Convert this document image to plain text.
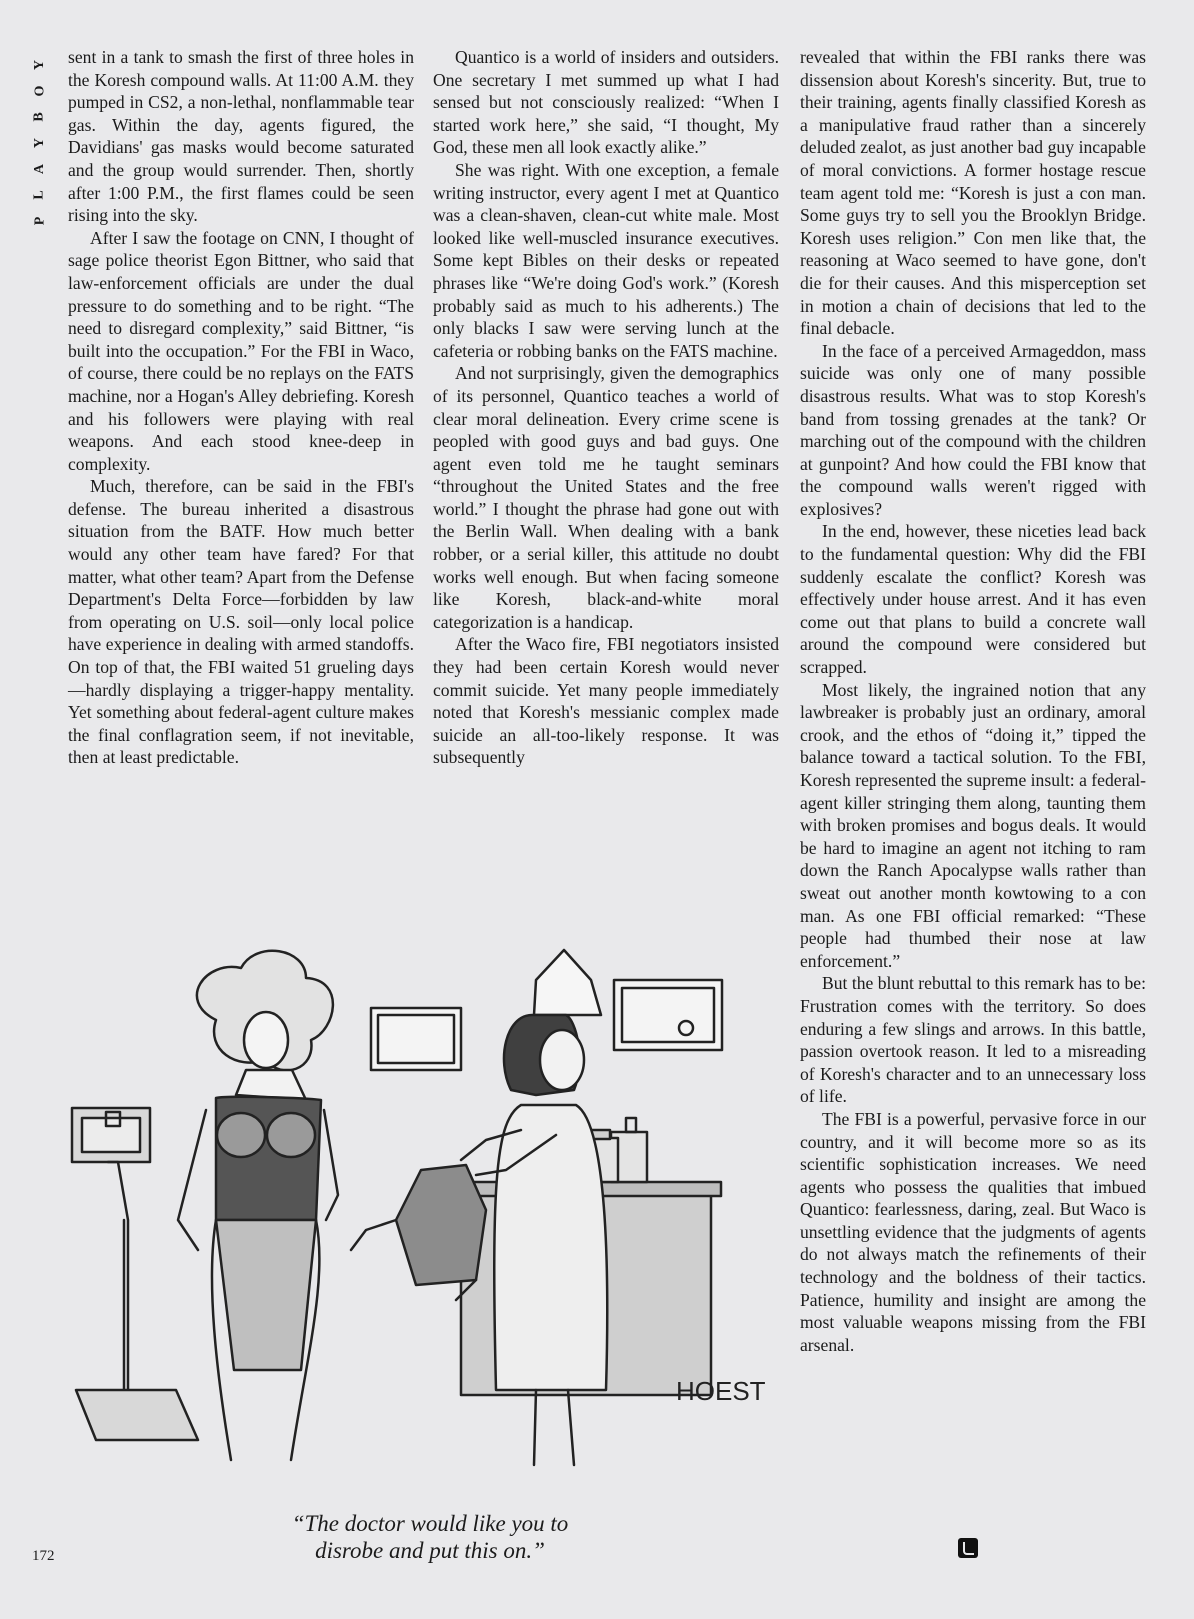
Y
O
B
Y
A
L
P

sent in a tank to smash the first of three holes in the Koresh compound walls. At 11:00 A.M. they pumped in CS2, a non-lethal, nonflammable tear gas. Within the day, agents figured, the Davidians' gas masks would become saturated and the group would surrender. Then, shortly after 1:00 P.M., the first flames could be seen rising into the sky.

After I saw the footage on CNN, I thought of sage police theorist Egon Bittner, who said that law-enforcement officials are under the dual pressure to do something and to be right. “The need to disregard complexity,” said Bittner, “is built into the occupation.” For the FBI in Waco, of course, there could be no replays on the FATS machine, nor a Hogan's Alley debriefing. Koresh and his followers were playing with real weapons. And each stood knee-deep in complexity.

Much, therefore, can be said in the FBI's defense. The bureau inherited a disastrous situation from the BATF. How much better would any other team have fared? For that matter, what other team? Apart from the Defense Department's Delta Force—forbidden by law from operating on U.S. soil—only local police have experience in dealing with armed standoffs. On top of that, the FBI waited 51 grueling days—hardly displaying a trigger-happy mentality. Yet something about federal-agent culture makes the final conflagration seem, if not inevitable, then at least predictable.

Quantico is a world of insiders and outsiders. One secretary I met summed up what I had sensed but not consciously realized: “When I started work here,” she said, “I thought, My God, these men all look exactly alike.”

She was right. With one exception, a female writing instructor, every agent I met at Quantico was a clean-shaven, clean-cut white male. Most looked like well-muscled insurance executives. Some kept Bibles on their desks or repeated phrases like “We're doing God's work.” (Koresh probably said as much to his adherents.) The only blacks I saw were serving lunch at the cafeteria or robbing banks on the FATS machine.

And not surprisingly, given the demographics of its personnel, Quantico teaches a world of clear moral delineation. Every crime scene is peopled with good guys and bad guys. One agent even told me he taught seminars “throughout the United States and the free world.” I thought the phrase had gone out with the Berlin Wall. When dealing with a bank robber, or a serial killer, this attitude no doubt works well enough. But when facing someone like Koresh, black-and-white moral categorization is a handicap.

After the Waco fire, FBI negotiators insisted they had been certain Koresh would never commit suicide. Yet many people immediately noted that Koresh's messianic complex made suicide an all-too-likely response. It was subsequently

revealed that within the FBI ranks there was dissension about Koresh's sincerity. But, true to their training, agents finally classified Koresh as a manipulative fraud rather than a sincerely deluded zealot, as just another bad guy incapable of moral convictions. A former hostage rescue team agent told me: “Koresh is just a con man. Some guys try to sell you the Brooklyn Bridge. Koresh uses religion.” Con men like that, the reasoning at Waco seemed to have gone, don't die for their causes. And this misperception set in motion a chain of decisions that led to the final debacle.

In the face of a perceived Armageddon, mass suicide was only one of many possible disastrous results. What was to stop Koresh's band from tossing grenades at the tank? Or marching out of the compound with the children at gunpoint? And how could the FBI know that the compound walls weren't rigged with explosives?

In the end, however, these niceties lead back to the fundamental question: Why did the FBI suddenly escalate the conflict? Koresh was effectively under house arrest. And it has even come out that plans to build a concrete wall around the compound were considered but scrapped.

Most likely, the ingrained notion that any lawbreaker is probably just an ordinary, amoral crook, and the ethos of “doing it,” tipped the balance toward a tactical solution. To the FBI, Koresh represented the supreme insult: a federal-agent killer stringing them along, taunting them with broken promises and bogus deals. It would be hard to imagine an agent not itching to ram down the Ranch Apocalypse walls rather than sweat out another month kowtowing to a con man. As one FBI official remarked: “These people had thumbed their nose at law enforcement.”

But the blunt rebuttal to this remark has to be: Frustration comes with the territory. So does enduring a few slings and arrows. In this battle, passion overtook reason. It led to a misreading of Koresh's character and to an unnecessary loss of life.

The FBI is a powerful, pervasive force in our country, and it will become more so as its scientific sophistication increases. We need agents who possess the qualities that imbued Quantico: fearlessness, daring, zeal. But Waco is unsettling evidence that the judgments of agents do not always match the refinements of their technology and the boldness of their tactics. Patience, humility and insight are among the most valuable weapons missing from the FBI arsenal.

HOEST
“The doctor would like you to
disrobe and put this on.”
172
